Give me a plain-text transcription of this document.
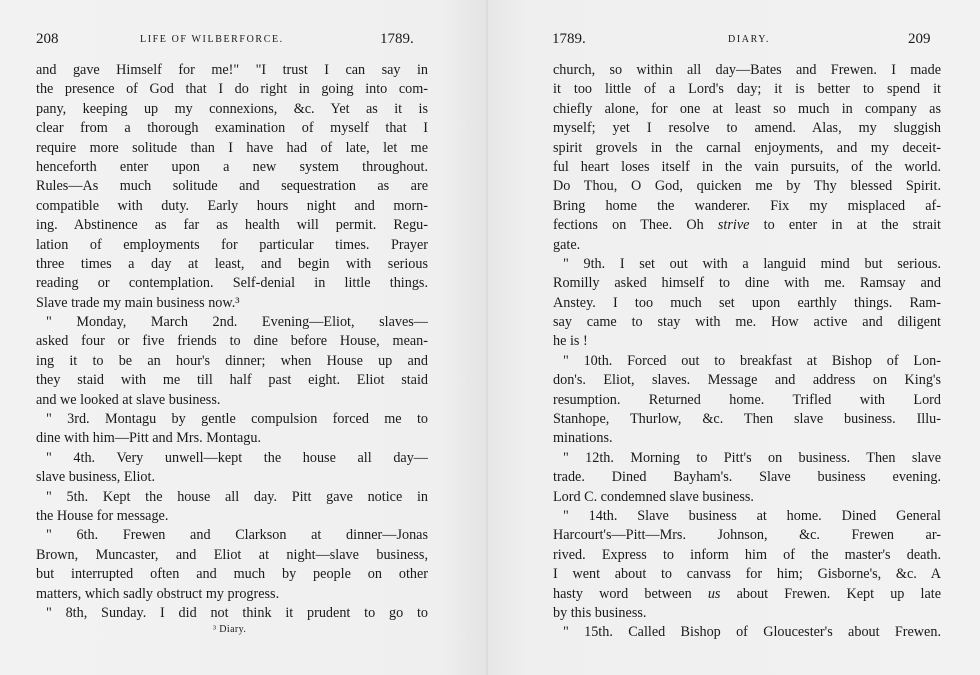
208	LIFE OF WILBERFORCE.	1789.
and gave Himself for me!" "I trust I can say in
the presence of God that I do right in going into com-
pany, keeping up my connexions, &c. Yet as it is
clear from a thorough examination of myself that I
require more solitude than I have had of late, let me
henceforth enter upon a new system throughout.
Rules—As much solitude and sequestration as are
compatible with duty. Early hours night and morn-
ing. Abstinence as far as health will permit. Regu-
lation of employments for particular times. Prayer
three times a day at least, and begin with serious
reading or contemplation. Self-denial in little things.
Slave trade my main business now.³
" Monday, March 2nd. Evening—Eliot, slaves—
asked four or five friends to dine before House, mean-
ing it to be an hour's dinner; when House up and
they staid with me till half past eight. Eliot staid
and we looked at slave business.
" 3rd. Montagu by gentle compulsion forced me to
dine with him—Pitt and Mrs. Montagu.
" 4th. Very unwell—kept the house all day—
slave business, Eliot.
" 5th. Kept the house all day. Pitt gave notice in
the House for message.
" 6th. Frewen and Clarkson at dinner—Jonas
Brown, Muncaster, and Eliot at night—slave business,
but interrupted often and much by people on other
matters, which sadly obstruct my progress.
" 8th, Sunday. I did not think it prudent to go to
³ Diary.
1789.	DIARY.	209
church, so within all day—Bates and Frewen. I made
it too little of a Lord's day; it is better to spend it
chiefly alone, for one at least so much in company as
myself; yet I resolve to amend. Alas, my sluggish
spirit grovels in the carnal enjoyments, and my deceit-
ful heart loses itself in the vain pursuits, of the world.
Do Thou, O God, quicken me by Thy blessed Spirit.
Bring home the wanderer. Fix my misplaced af-
fections on Thee. Oh strive to enter in at the strait
gate.
" 9th. I set out with a languid mind but serious.
Romilly asked himself to dine with me. Ramsay and
Anstey. I too much set upon earthly things. Ram-
say came to stay with me. How active and diligent
he is !
" 10th. Forced out to breakfast at Bishop of Lon-
don's. Eliot, slaves. Message and address on King's
resumption. Returned home. Trifled with Lord
Stanhope, Thurlow, &c. Then slave business. Illu-
minations.
" 12th. Morning to Pitt's on business. Then slave
trade. Dined Bayham's. Slave business evening.
Lord C. condemned slave business.
" 14th. Slave business at home. Dined General
Harcourt's—Pitt—Mrs. Johnson, &c. Frewen ar-
rived. Express to inform him of the master's death.
I went about to canvass for him; Gisborne's, &c. A
hasty word between us about Frewen. Kept up late
by this business.
" 15th. Called Bishop of Gloucester's about Frewen.
